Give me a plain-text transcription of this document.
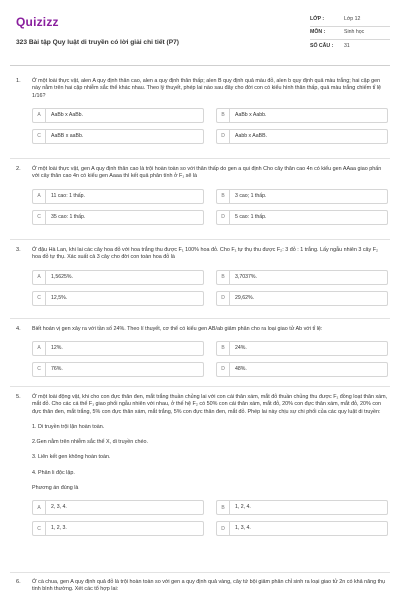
Quizizz
323 Bài tập Quy luật di truyền có lời giải chi tiết (P7)
LỚP :	Lớp 12
MÔN :	Sinh học
SỐ CÂU :	31
1. Ở một loài thực vật, alen A quy định thân cao, alen a quy định thân thấp; alen B quy định quả màu đỏ, alen b quy định quả màu trắng; hai cặp gen này nằm trên hai cặp nhiễm sắc thể khác nhau. Theo lý thuyết, phép lai nào sau đây cho đời con có kiểu hình thân thấp, quả màu trắng chiếm tỉ lệ 1/16?
A	AaBb x AaBb.	B	AaBb x Aabb.
C	AaBB x aaBb.	D	Aabb x AaBB.
2. Ở một loài thực vật, gen A quy định thân cao là trội hoàn toàn so với thân thấp do gen a qui định Cho cây thân cao 4n có kiểu gen AAaa giao phấn với cây thân cao 4n có kiểu gen Aaaa thì kết quả phân tính ở F₁ sẽ là
A	11 cao: 1 thấp.	B	3 cao; 1 thấp.
C	35 cao: 1 thấp.	D	5 cao: 1 thấp.
3. Ở đậu Hà Lan, khi lai các cây hoa đỏ với hoa trắng thu được F₁ 100% hoa đỏ. Cho F₁ tự thụ thu được F₂: 3 đỏ : 1 trắng. Lấy ngẫu nhiên 3 cây F₂ hoa đỏ tự thụ. Xác suất cả 3 cây cho đời con toàn hoa đỏ là
A	1,5625%.	B	3,7037%.
C	12,5%.	D	29,62%.
4. Biết hoán vị gen xảy ra với tần số 24%. Theo lí thuyết, cơ thể có kiểu gen AB/ab giảm phân cho ra loại giao tử Ab với tỉ lệ:
A	12%.	B	24%.
C	76%.	D	48%.
5. Ở một loài động vật, khi cho con đực thân đen, mắt trắng thuần chủng lai với con cái thân xám, mắt đỏ thuần chủng thu được F₁ đồng loạt thân xám, mắt đỏ. Cho các cá thể F₁ giao phối ngẫu nhiên với nhau, ở thế hệ F₂ có 50% con cái thân xám, mắt đỏ, 20% con đực thân xám, mắt đỏ, 20% con đực thân đen, mắt trắng, 5% con đực thân xám, mắt trắng, 5% con đực thân đen, mắt đỏ. Phép lai này chịu sự chi phối của các quy luật di truyền:
1. Di truyền trội lặn hoàn toàn.
2.Gen nằm trên nhiễm sắc thể X, di truyền chéo.
3. Liên kết gen không hoàn toàn.
4. Phân li độc lập.
Phương án đúng là
A	2, 3, 4.	B	1, 2, 4.
C	1, 2, 3.	D	1, 3, 4.
6. Ở cà chua, gen A quy định quả đỏ là trội hoàn toàn so với gen a quy định quả vàng, cây tứ bội giảm phân chỉ sinh ra loại giao tử 2n có khả năng thụ tinh bình thường. Xét các tổ hợp lai:
